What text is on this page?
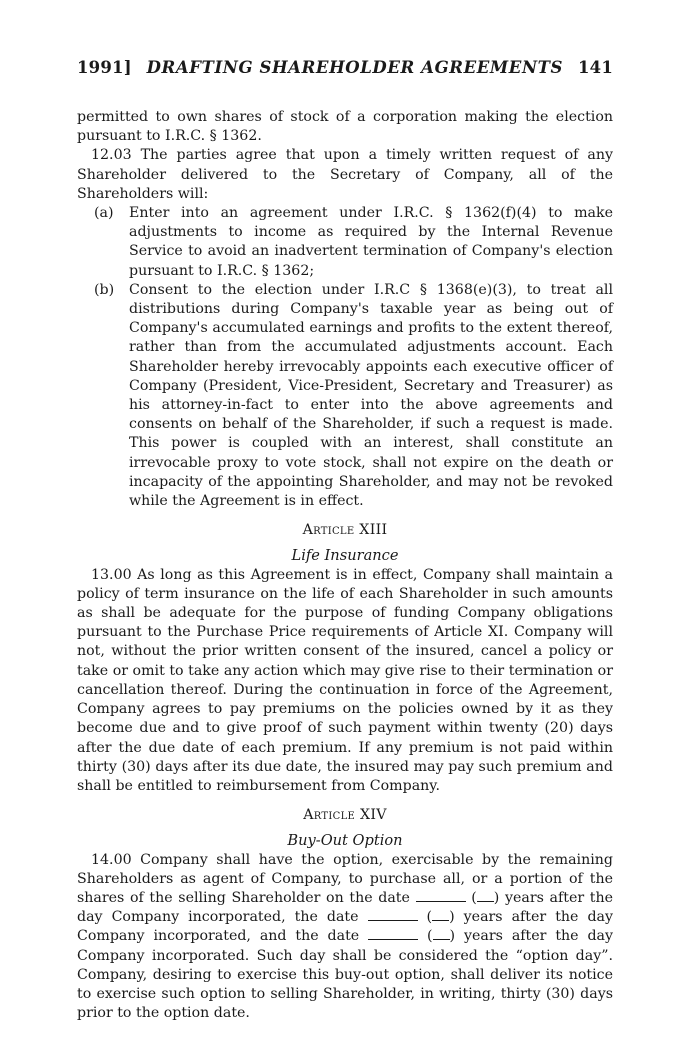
1991] DRAFTING SHAREHOLDER AGREEMENTS 141

permitted to own shares of stock of a corporation making the election pursuant to I.R.C. § 1362.

12.03 The parties agree that upon a timely written request of any Shareholder delivered to the Secretary of Company, all of the Shareholders will:

(a)	Enter into an agreement under I.R.C. § 1362(f)(4) to make adjustments to income as required by the Internal Revenue Service to avoid an inadvertent termination of Company's election pursuant to I.R.C. § 1362;
(b)	Consent to the election under I.R.C § 1368(e)(3), to treat all distributions during Company's taxable year as being out of Company's accumulated earnings and profits to the extent thereof, rather than from the accumulated adjustments account. Each Shareholder hereby irrevocably appoints each executive officer of Company (President, Vice-President, Secretary and Treasurer) as his attorney-in-fact to enter into the above agreements and consents on behalf of the Shareholder, if such a request is made. This power is coupled with an interest, shall constitute an irrevocable proxy to vote stock, shall not expire on the death or incapacity of the appointing Shareholder, and may not be revoked while the Agreement is in effect.
Article XIII
Life Insurance

13.00 As long as this Agreement is in effect, Company shall maintain a policy of term insurance on the life of each Shareholder in such amounts as shall be adequate for the purpose of funding Company obligations pursuant to the Purchase Price requirements of Article XI. Company will not, without the prior written consent of the insured, cancel a policy or take or omit to take any action which may give rise to their termination or cancellation thereof. During the continuation in force of the Agreement, Company agrees to pay premiums on the policies owned by it as they become due and to give proof of such payment within twenty (20) days after the due date of each premium. If any premium is not paid within thirty (30) days after its due date, the insured may pay such premium and shall be entitled to reimbursement from Company.

Article XIV
Buy-Out Option

14.00 Company shall have the option, exercisable by the remaining Shareholders as agent of Company, to purchase all, or a portion of the shares of the selling Shareholder on the date	( ) years after the day Company incorporated, the date	( ) years after the day Company incorporated, and the date	( ) years after the day Company incorporated. Such day shall be considered the “option day”. Company, desiring to exercise this buy-out option, shall deliver its notice to exercise such option to selling Shareholder, in writing, thirty (30) days prior to the option date.
